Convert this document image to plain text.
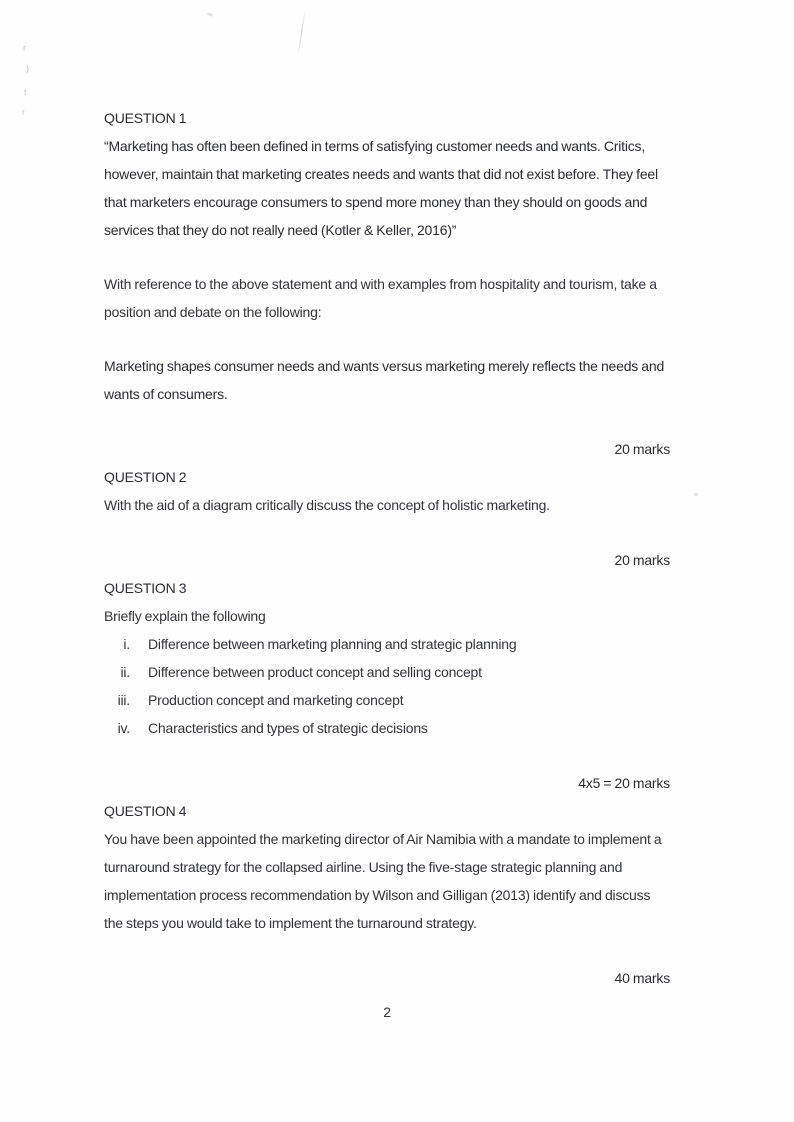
r
)
t
r	QUESTION 1

“Marketing has often been defined in terms of satisfying customer needs and wants. Critics, however, maintain that marketing creates needs and wants that did not exist before. They feel that marketers encourage consumers to spend more money than they should on goods and services that they do not really need (Kotler & Keller, 2016)”

With reference to the above statement and with examples from hospitality and tourism, take a position and debate on the following:

Marketing shapes consumer needs and wants versus marketing merely reflects the needs and wants of consumers.

20 marks

QUESTION 2

With the aid of a diagram critically discuss the concept of holistic marketing.

20 marks

QUESTION 3

Briefly explain the following

i. Difference between marketing planning and strategic planning
ii. Difference between product concept and selling concept
iii. Production concept and marketing concept
iv. Characteristics and types of strategic decisions

4x5 = 20 marks

QUESTION 4

You have been appointed the marketing director of Air Namibia with a mandate to implement a turnaround strategy for the collapsed airline. Using the five-stage strategic planning and implementation process recommendation by Wilson and Gilligan (2013) identify and discuss the steps you would take to implement the turnaround strategy.

40 marks

2
